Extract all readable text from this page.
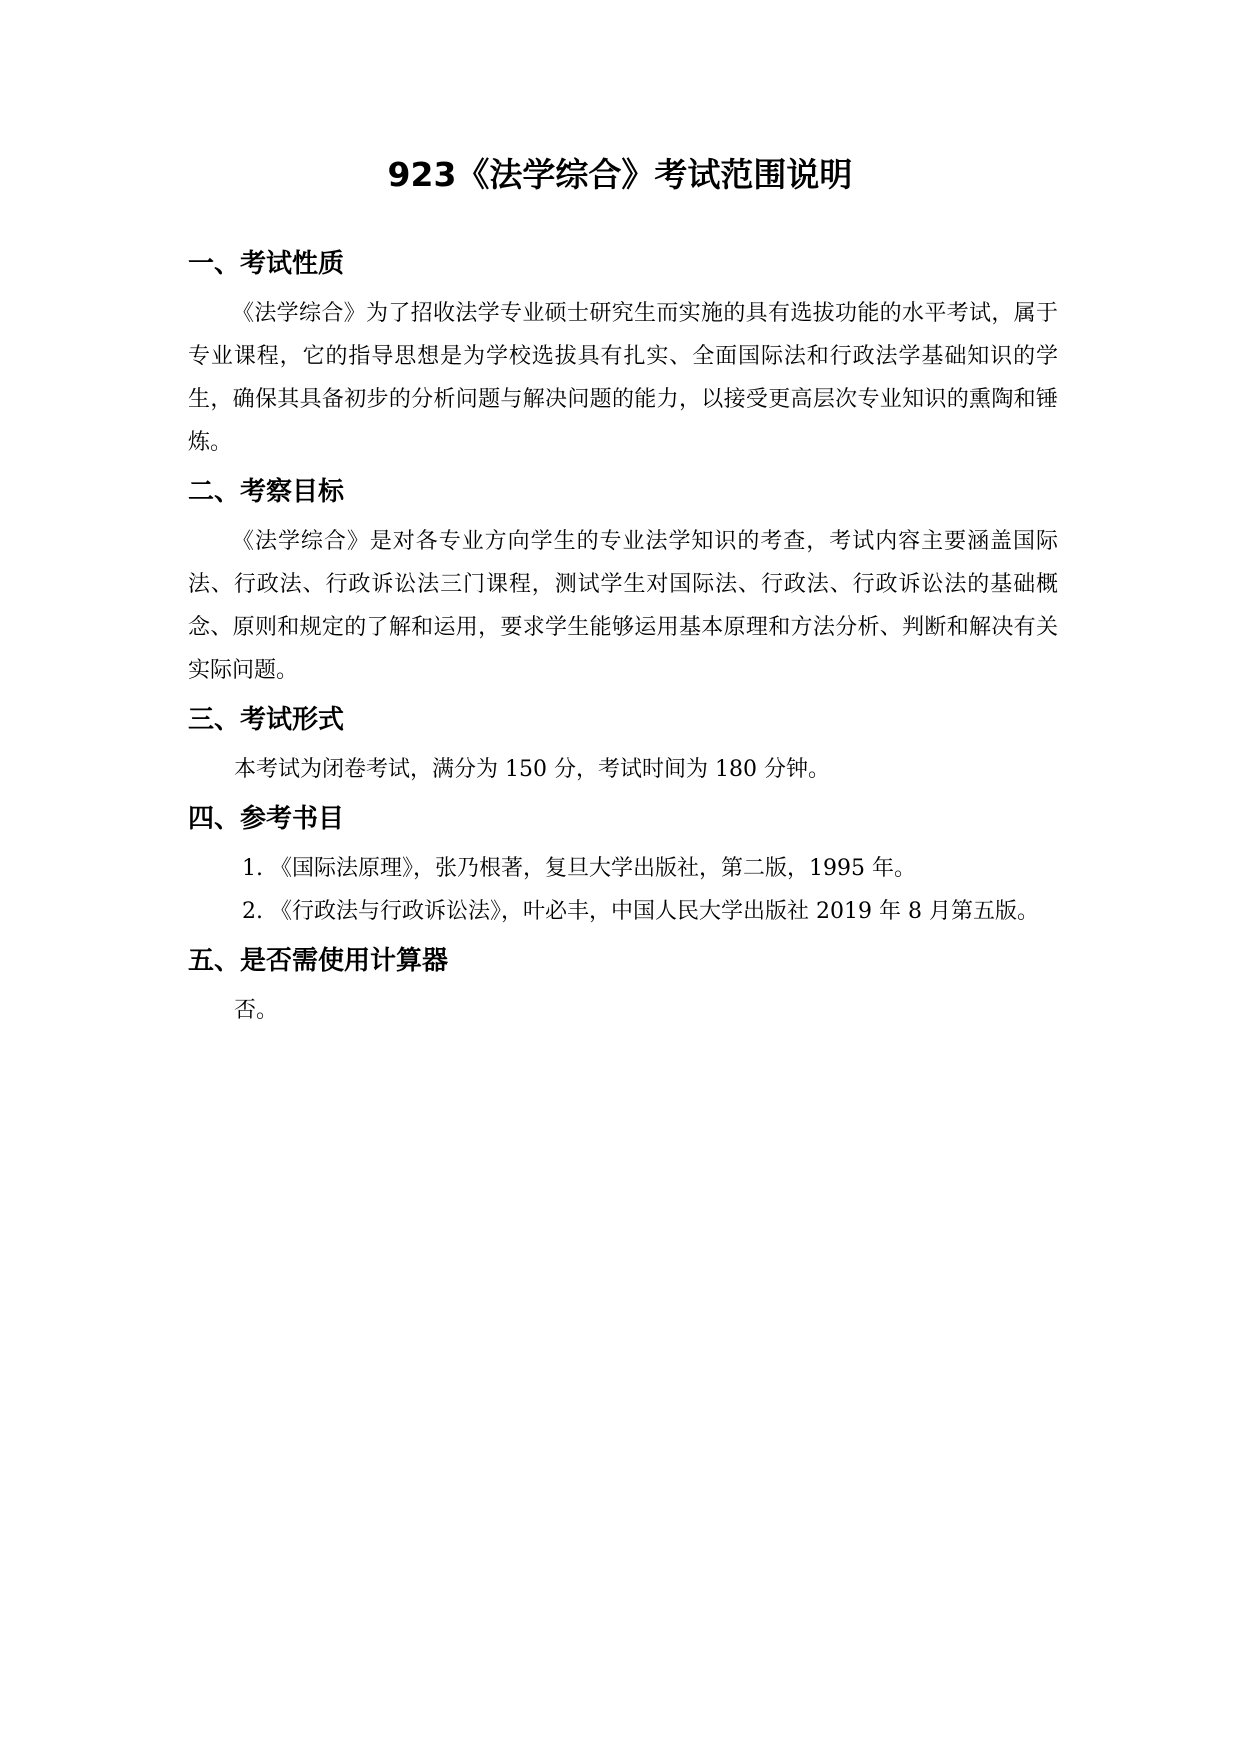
923《法学综合》考试范围说明
一、考试性质

《法学综合》为了招收法学专业硕士研究生而实施的具有选拔功能的水平考试，属于专业课程，它的指导思想是为学校选拔具有扎实、全面国际法和行政法学基础知识的学生，确保其具备初步的分析问题与解决问题的能力，以接受更高层次专业知识的熏陶和锤炼。

二、考察目标

《法学综合》是对各专业方向学生的专业法学知识的考查，考试内容主要涵盖国际法、行政法、行政诉讼法三门课程，测试学生对国际法、行政法、行政诉讼法的基础概念、原则和规定的了解和运用，要求学生能够运用基本原理和方法分析、判断和解决有关实际问题。

三、考试形式

本考试为闭卷考试，满分为 150 分，考试时间为 180 分钟。

四、参考书目

1. 《国际法原理》，张乃根著，复旦大学出版社，第二版，1995 年。

2. 《行政法与行政诉讼法》，叶必丰，中国人民大学出版社 2019 年 8 月第五版。

五、是否需使用计算器

否。
